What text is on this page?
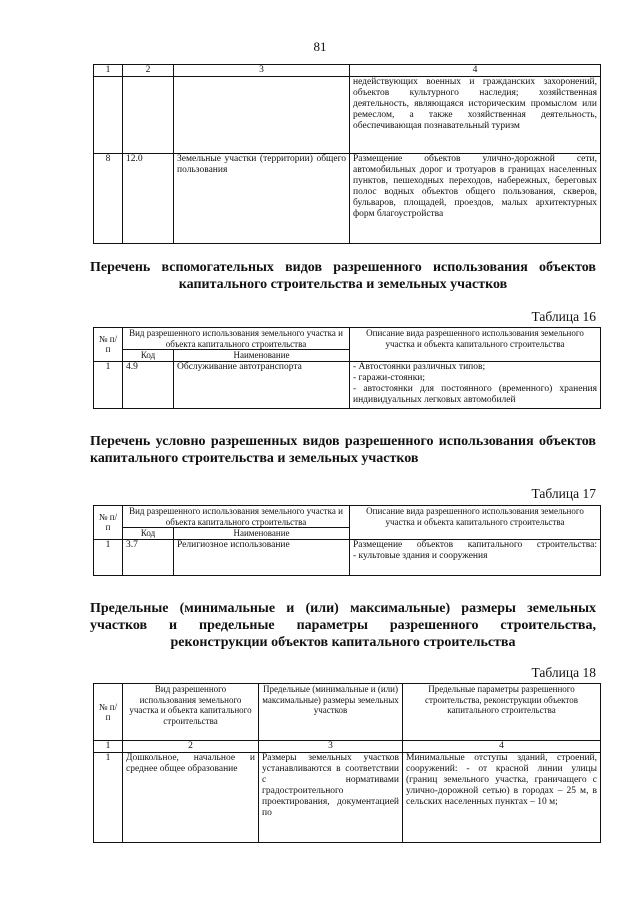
81
1	2	3	4
			недействующих военных и гражданских захоронений, объектов культурного наследия; хозяйственная деятельность, являющаяся историческим промыслом или ремеслом, а также хозяйственная деятельность, обеспечивающая познавательный туризм
8	12.0	Земельные участки (территории) общего пользования	Размещение объектов улично-дорожной сети, автомобильных дорог и тротуаров в границах населенных пунктов, пешеходных переходов, набережных, береговых полос водных объектов общего пользования, скверов, бульваров, площадей, проездов, малых архитектурных форм благоустройства
Перечень вспомогательных видов разрешенного использования объектов капитального строительства и земельных участков
Таблица 16
№ п/п	Вид разрешенного использования земельного участка и объекта капитального строительства		Описание вида разрешенного использования земельного участка и объекта капитального строительства
	Код	Наименование	
1	4.9	Обслуживание автотранспорта	- Автостоянки различных типов;
- гаражи-стоянки;
- автостоянки для постоянного (временного) хранения индивидуальных легковых автомобилей
Перечень условно разрешенных видов разрешенного использования объектов капитального строительства и земельных участков
Таблица 17
№ п/п	Вид разрешенного использования земельного участка и объекта капитального строительства		Описание вида разрешенного использования земельного участка и объекта капитального строительства
	Код	Наименование	
1	3.7	Религиозное использование	Размещение объектов капитального строительства:
- культовые здания и сооружения
Предельные (минимальные и (или) максимальные) размеры земельных участков и предельные параметры разрешенного строительства, реконструкции объектов капитального строительства
Таблица 18
№ п/п	Вид разрешенного использования земельного участка и объекта капитального строительства	Предельные (минимальные и (или) максимальные) размеры земельных участков	Предельные параметры разрешенного строительства, реконструкции объектов капитального строительства
1	2	3	4
1	Дошкольное, начальное и среднее общее образование	Размеры земельных участков устанавливаются в соответствии с нормативами градостроительного проектирования, документацией по	Минимальные отступы зданий, строений, сооружений: - от красной линии улицы (границ земельного участка, граничащего с улично-дорожной сетью) в городах – 25 м, в сельских населенных пунктах – 10 м;
